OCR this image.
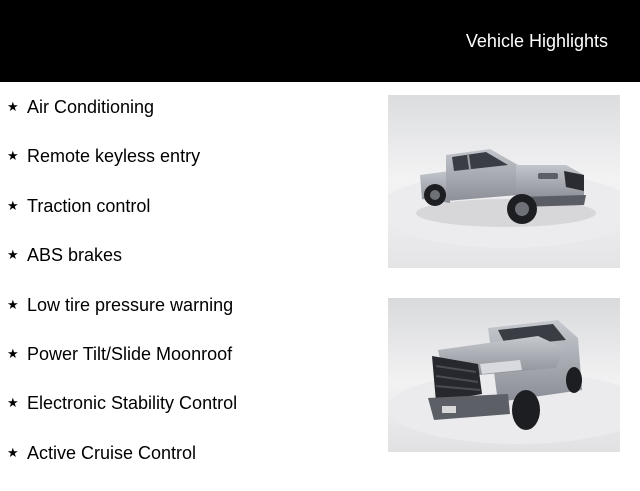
Vehicle Highlights
★ Air Conditioning
★ Remote keyless entry
★ Traction control
★ ABS brakes
★ Low tire pressure warning
★ Power Tilt/Slide Moonroof
★ Electronic Stability Control
★ Active Cruise Control
